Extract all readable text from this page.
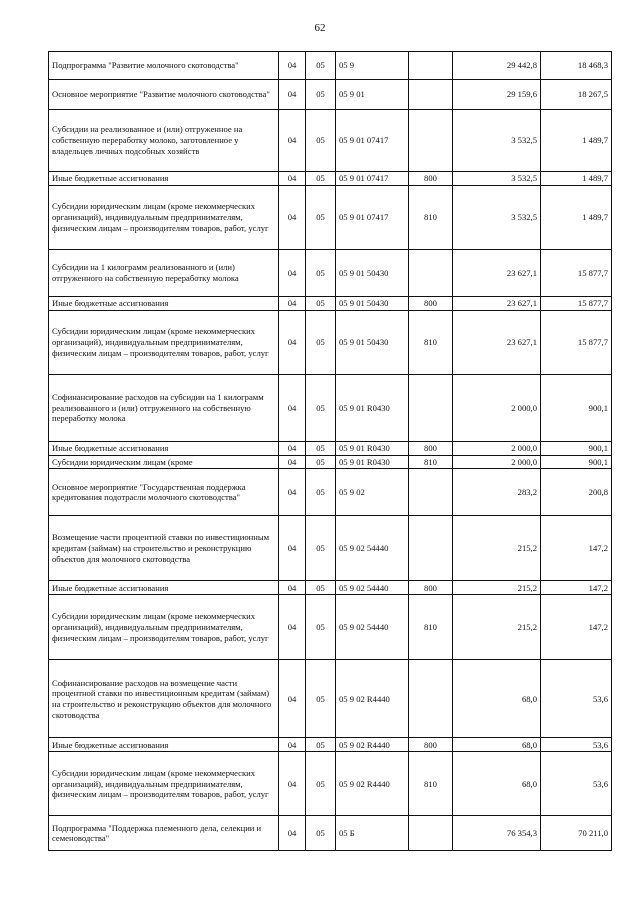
62
Подпрограмма "Развитие молочного скотоводства"	04	05	05 9		29 442,8	18 468,3
Основное мероприятие "Развитие молочного скотоводства"	04	05	05 9 01		29 159,6	18 267,5
Субсидии на реализованное и (или) отгруженное на собственную переработку молоко, заготовленное у владельцев личных подсобных хозяйств	04	05	05 9 01 07417		3 532,5	1 489,7
Иные бюджетные ассигнования	04	05	05 9 01 07417	800	3 532,5	1 489,7
Субсидии юридическим лицам (кроме некоммерческих организаций), индивидуальным предпринимателям, физическим лицам – производителям товаров, работ, услуг	04	05	05 9 01 07417	810	3 532,5	1 489,7
Субсидии на 1 килограмм реализованного и (или) отгруженного на собственную переработку молока	04	05	05 9 01 50430		23 627,1	15 877,7
Иные бюджетные ассигнования	04	05	05 9 01 50430	800	23 627,1	15 877,7
Субсидии юридическим лицам (кроме некоммерческих организаций), индивидуальным предпринимателям, физическим лицам – производителям товаров, работ, услуг	04	05	05 9 01 50430	810	23 627,1	15 877,7
Софинансирование расходов на субсидии на 1 килограмм реализованного и (или) отгруженного на собственную переработку молока	04	05	05 9 01 R0430		2 000,0	900,1
Иные бюджетные ассигнования	04	05	05 9 01 R0430	800	2 000,0	900,1
Субсидии юридическим лицам (кроме	04	05	05 9 01 R0430	810	2 000,0	900,1
Основное мероприятие "Государственная поддержка кредитования подотрасли молочного скотоводства"	04	05	05 9 02		283,2	200,8
Возмещение части процентной ставки по инвестиционным кредитам (займам) на строительство и реконструкцию объектов для молочного скотоводства	04	05	05 9 02 54440		215,2	147,2
Иные бюджетные ассигнования	04	05	05 9 02 54440	800	215,2	147,2
Субсидии юридическим лицам (кроме некоммерческих организаций), индивидуальным предпринимателям, физическим лицам – производителям товаров, работ, услуг	04	05	05 9 02 54440	810	215,2	147,2
Софинансирование расходов на возмещение части процентной ставки по инвестиционным кредитам (займам) на строительство и реконструкцию объектов для молочного скотоводства	04	05	05 9 02 R4440		68,0	53,6
Иные бюджетные ассигнования	04	05	05 9 02 R4440	800	68,0	53,6
Субсидии юридическим лицам (кроме некоммерческих организаций), индивидуальным предпринимателям, физическим лицам – производителям товаров, работ, услуг	04	05	05 9 02 R4440	810	68,0	53,6
Подпрограмма "Поддержка племенного дела, селекции и семеноводства"	04	05	05 Б		76 354,3	70 211,0
